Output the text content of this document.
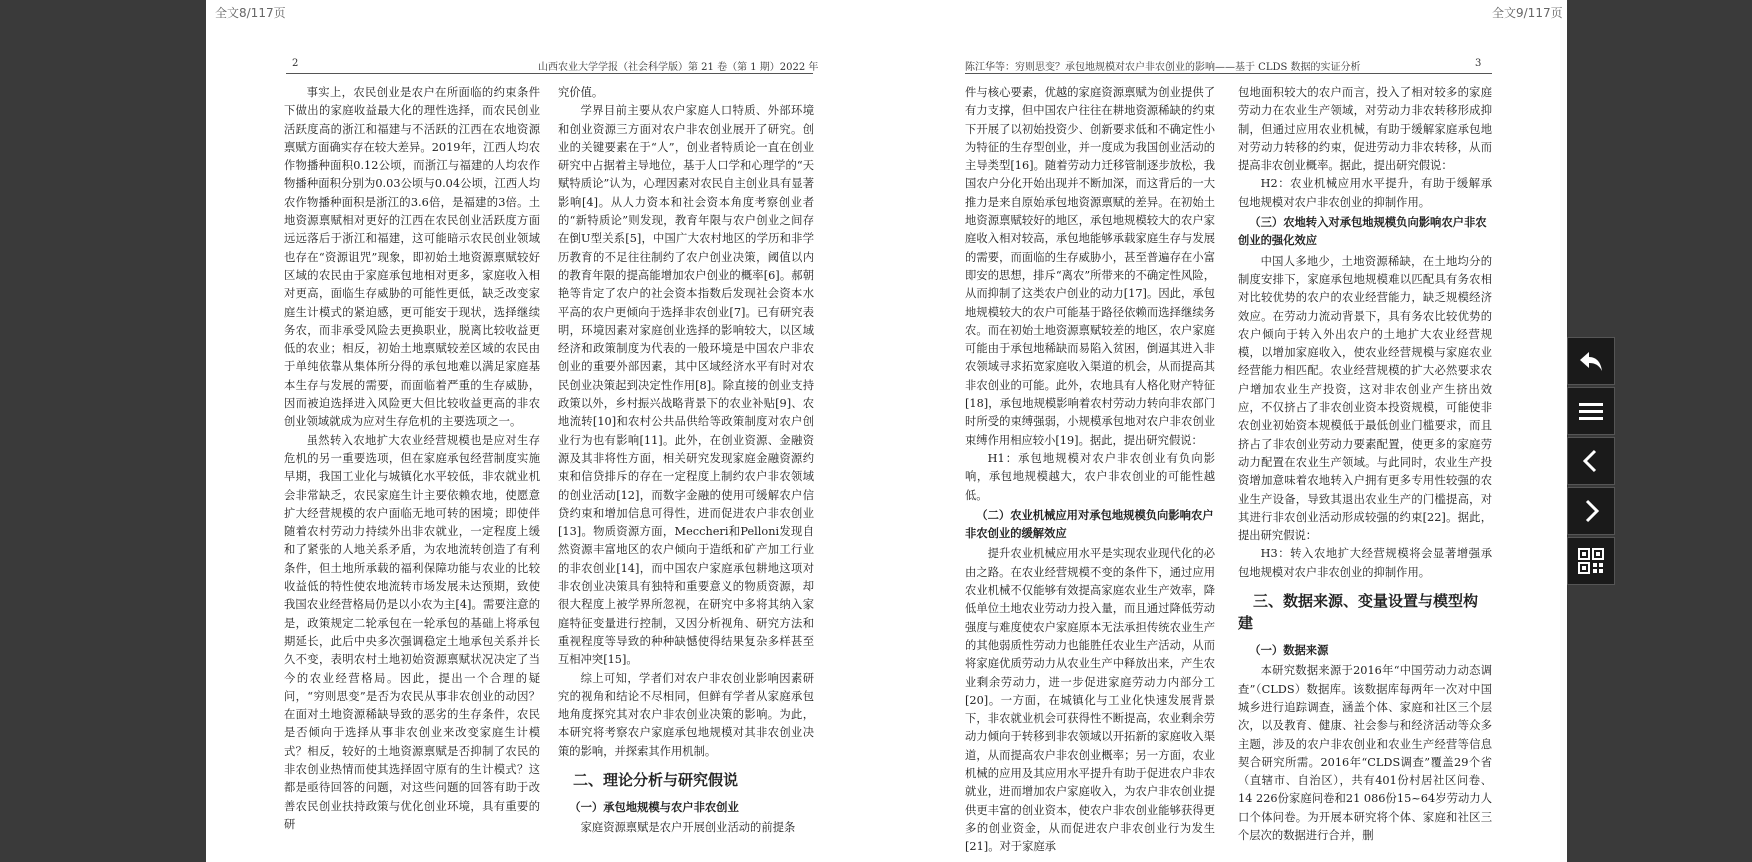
2	山西农业大学学报（社会科学版）第 21 卷（第 1 期）2022 年

事实上，农民创业是农户在所面临的约束条件下做出的家庭收益最大化的理性选择，而农民创业活跃度高的浙江和福建与不活跃的江西在农地资源禀赋方面确实存在较大差异。2019年，江西人均农作物播种面积0.12公顷，而浙江与福建的人均农作物播种面积分别为0.03公顷与0.04公顷，江西人均农作物播种面积是浙江的3.6倍，是福建的3倍。土地资源禀赋相对更好的江西在农民创业活跃度方面远远落后于浙江和福建，这可能暗示农民创业领域也存在“资源诅咒”现象，即初始土地资源禀赋较好区域的农民由于家庭承包地相对更多，家庭收入相对更高，面临生存威胁的可能性更低，缺乏改变家庭生计模式的紧迫感，更可能安于现状，选择继续务农，而非承受风险去更换职业，脱离比较收益更低的农业；相反，初始土地禀赋较差区域的农民由于单纯依靠从集体所分得的承包地难以满足家庭基本生存与发展的需要，而面临着严重的生存威胁，因而被迫选择进入风险更大但比较收益更高的非农创业领域就成为应对生存危机的主要选项之一。

虽然转入农地扩大农业经营规模也是应对生存危机的另一重要选项，但在家庭承包经营制度实施早期，我国工业化与城镇化水平较低，非农就业机会非常缺乏，农民家庭生计主要依赖农地，使愿意扩大经营规模的农户面临无地可转的困境；即使伴随着农村劳动力持续外出非农就业，一定程度上缓和了紧张的人地关系矛盾，为农地流转创造了有利条件，但土地所承载的福利保障功能与农业的比较收益低的特性使农地流转市场发展未达预期，致使我国农业经营格局仍是以小农为主[4]。需要注意的是，政策规定二轮承包在一轮承包的基础上将承包期延长，此后中央多次强调稳定土地承包关系并长久不变，表明农村土地初始资源禀赋状况决定了当今的农业经营格局。因此，提出一个合理的疑问，“穷则思变”是否为农民从事非农创业的动因？在面对土地资源稀缺导致的恶劣的生存条件，农民是否倾向于选择从事非农创业来改变家庭生计模式？相反，较好的土地资源禀赋是否抑制了农民的非农创业热情而使其选择固守原有的生计模式？这都是亟待回答的问题，对这些问题的回答有助于改善农民创业扶持政策与优化创业环境，具有重要的研

究价值。

学界目前主要从农户家庭人口特质、外部环境和创业资源三方面对农户非农创业展开了研究。创业的关键要素在于“人”，创业者特质论一直在创业研究中占据着主导地位，基于人口学和心理学的“天赋特质论”认为，心理因素对农民自主创业具有显著影响[4]。从人力资本和社会资本角度考察创业者的“新特质论”则发现，教育年限与农户创业之间存在倒U型关系[5]，中国广大农村地区的学历和非学历教育的不足往往制约了农户创业决策，阈值以内的教育年限的提高能增加农户创业的概率[6]。郝朝艳等肯定了农户的社会资本指数后发现社会资本水平高的农户更倾向于选择非农创业[7]。已有研究表明，环境因素对家庭创业选择的影响较大，以区域经济和政策制度为代表的一般环境是中国农户非农创业的重要外部因素，其中区域经济水平有时对农民创业决策起到决定性作用[8]。除直接的创业支持政策以外，乡村振兴战略背景下的农业补贴[9]、农地流转[10]和农村公共品供给等政策制度对农户创业行为也有影响[11]。此外，在创业资源、金融资源及其非将性方面，相关研究发现家庭金融资源约束和信贷排斥的存在一定程度上制约农户非农领域的创业活动[12]，而数字金融的使用可缓解农户信贷约束和增加信息可得性，进而促进农户非农创业[13]。物质资源方面，Meccheri和Pelloni发现自然资源丰富地区的农户倾向于造纸和矿产加工行业的非农创业[14]，而中国农户家庭承包耕地这项对非农创业决策具有独特和重要意义的物质资源，却很大程度上被学界所忽视，在研究中多将其纳入家庭特征变量进行控制，又因分析视角、研究方法和重视程度等导致的种种缺憾使得结果复杂多样甚至互相冲突[15]。

综上可知，学者们对农户非农创业影响因素研究的视角和结论不尽相同，但鲜有学者从家庭承包地角度探究其对农户非农创业决策的影响。为此，本研究将考察农户家庭承包地规模对其非农创业决策的影响，并探索其作用机制。

二、理论分析与研究假说
（一）承包地规模与农户非农创业

家庭资源禀赋是农户开展创业活动的前提条

陈江华等：穷则思变？承包地规模对农户非农创业的影响——基于 CLDS 数据的实证分析	3

件与核心要素，优越的家庭资源禀赋为创业提供了有力支撑，但中国农户往往在耕地资源稀缺的约束下开展了以初始投资少、创新要求低和不确定性小为特征的生存型创业，并一度成为我国创业活动的主导类型[16]。随着劳动力迁移管制逐步放松，我国农户分化开始出现并不断加深，而这背后的一大推力是来自原始承包地资源禀赋的差异。在初始土地资源禀赋较好的地区，承包地规模较大的农户家庭收入相对较高，承包地能够承载家庭生存与发展的需要，而面临的生存威胁小，甚至普遍存在小富即安的思想，排斥“离农”所带来的不确定性风险，从而抑制了这类农户创业的动力[17]。因此，承包地规模较大的农户可能基于路径依赖而选择继续务农。而在初始土地资源禀赋较差的地区，农户家庭可能由于承包地稀缺而易陷入贫困，倒逼其进入非农领域寻求拓宽家庭收入渠道的机会，从而提高其非农创业的可能。此外，农地具有人格化财产特征[18]，承包地规模影响着农村劳动力转向非农部门时所受的束缚强弱，小规模承包地对农户非农创业束缚作用相应较小[19]。据此，提出研究假说：

H1：承包地规模对农户非农创业有负向影响，承包地规模越大，农户非农创业的可能性越低。

（二）农业机械应用对承包地规模负向影响农户非农创业的缓解效应

提升农业机械应用水平是实现农业现代化的必由之路。在农业经营规模不变的条件下，通过应用农业机械不仅能够有效提高家庭农业生产效率，降低单位土地农业劳动力投入量，而且通过降低劳动强度与难度使农户家庭原本无法承担传统农业生产的其他弱质性劳动力也能胜任农业生产活动，从而将家庭优质劳动力从农业生产中释放出来，产生农业剩余劳动力，进一步促进家庭劳动力内部分工[20]。一方面，在城镇化与工业化快速发展背景下，非农就业机会可获得性不断提高，农业剩余劳动力倾向于转移到非农领域以开拓新的家庭收入渠道，从而提高农户非农创业概率；另一方面，农业机械的应用及其应用水平提升有助于促进农户非农就业，进而增加农户家庭收入，为农户非农创业提供更丰富的创业资本，使农户非农创业能够获得更多的创业资金，从而促进农户非农创业行为发生[21]。对于家庭承

包地面积较大的农户而言，投入了相对较多的家庭劳动力在农业生产领域，对劳动力非农转移形成抑制，但通过应用农业机械，有助于缓解家庭承包地对劳动力转移的约束，促进劳动力非农转移，从而提高非农创业概率。据此，提出研究假说：

H2：农业机械应用水平提升，有助于缓解承包地规模对农户非农创业的抑制作用。

（三）农地转入对承包地规模负向影响农户非农创业的强化效应

中国人多地少，土地资源稀缺，在土地均分的制度安排下，家庭承包地规模难以匹配具有务农相对比较优势的农户的农业经营能力，缺乏规模经济效应。在劳动力流动背景下，具有务农比较优势的农户倾向于转入外出农户的土地扩大农业经营规模，以增加家庭收入，使农业经营规模与家庭农业经营能力相匹配。农业经营规模的扩大必然要求农户增加农业生产投资，这对非农创业产生挤出效应，不仅挤占了非农创业资本投资规模，可能使非农创业初始资本规模低于最低创业门槛要求，而且挤占了非农创业劳动力要素配置，使更多的家庭劳动力配置在农业生产领域。与此同时，农业生产投资增加意味着农地转入户拥有更多专用性较强的农业生产设备，导致其退出农业生产的门槛提高，对其进行非农创业活动形成较强的约束[22]。据此，提出研究假说：

H3：转入农地扩大经营规模将会显著增强承包地规模对农户非农创业的抑制作用。

三、数据来源、变量设置与模型构建
（一）数据来源

本研究数据来源于2016年“中国劳动力动态调查”（CLDS）数据库。该数据库每两年一次对中国城乡进行追踪调查，涵盖个体、家庭和社区三个层次，以及教育、健康、社会参与和经济活动等众多主题，涉及的农户非农创业和农业生产经营等信息契合研究所需。2016年“CLDS调查”覆盖29个省（直辖市、自治区），共有401份村居社区问卷、14 226份家庭问卷和21 086份15~64岁劳动力人口个体问卷。为开展本研究将个体、家庭和社区三个层次的数据进行合并，删

全文8/117页	全文9/117页
